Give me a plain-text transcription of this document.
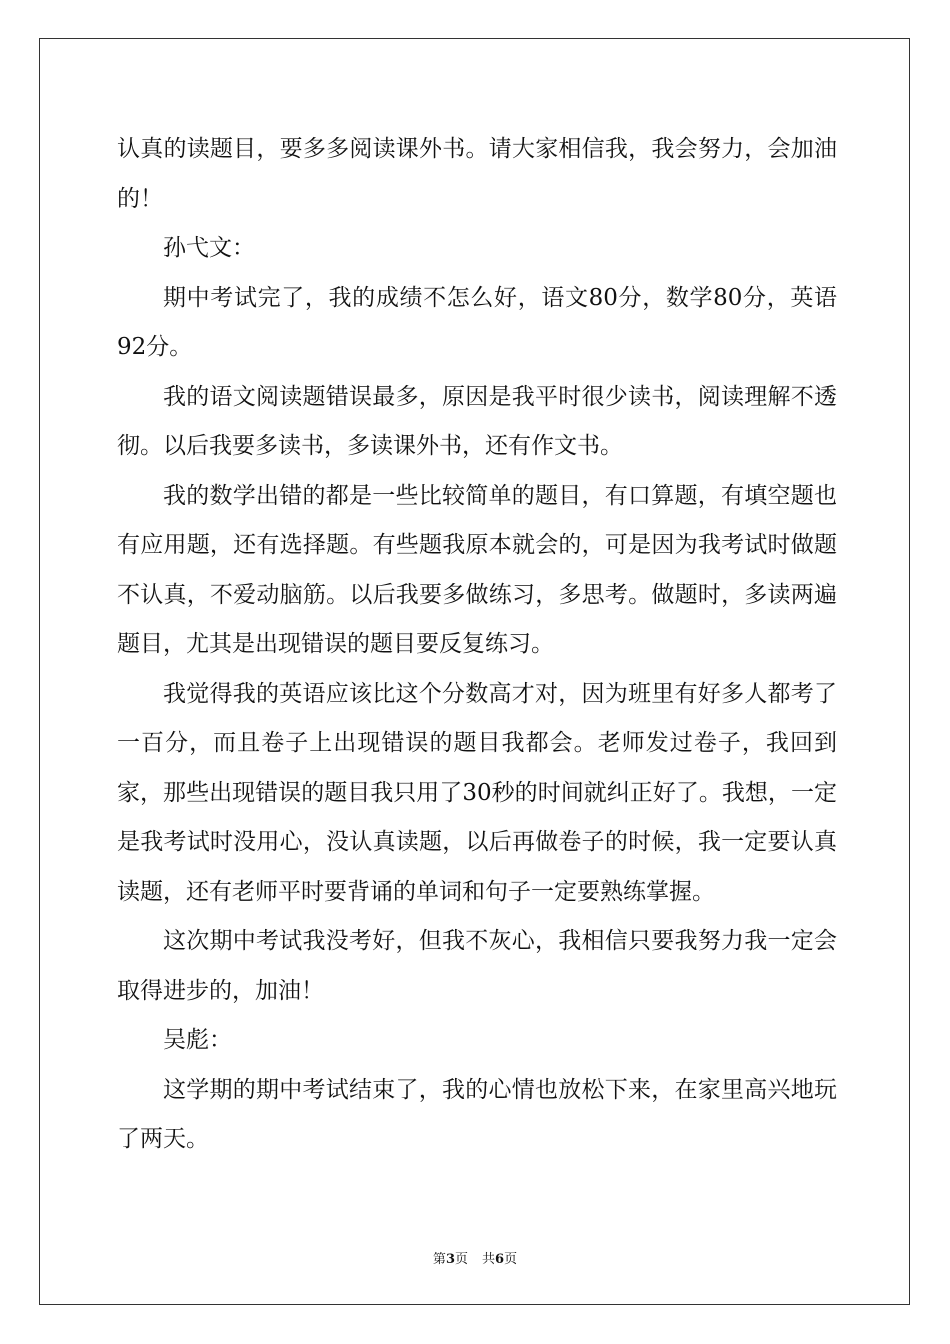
认真的读题目，要多多阅读课外书。请大家相信我，我会努力，会加油的！

孙弋文：

期中考试完了，我的成绩不怎么好，语文80分，数学80分，英语92分。

我的语文阅读题错误最多，原因是我平时很少读书，阅读理解不透彻。以后我要多读书，多读课外书，还有作文书。

我的数学出错的都是一些比较简单的题目，有口算题，有填空题也有应用题，还有选择题。有些题我原本就会的，可是因为我考试时做题不认真，不爱动脑筋。以后我要多做练习，多思考。做题时，多读两遍题目，尤其是出现错误的题目要反复练习。

我觉得我的英语应该比这个分数高才对，因为班里有好多人都考了一百分，而且卷子上出现错误的题目我都会。老师发过卷子，我回到家，那些出现错误的题目我只用了30秒的时间就纠正好了。我想，一定是我考试时没用心，没认真读题，以后再做卷子的时候，我一定要认真读题，还有老师平时要背诵的单词和句子一定要熟练掌握。

这次期中考试我没考好，但我不灰心，我相信只要我努力我一定会取得进步的，加油！

吴彪：

这学期的期中考试结束了，我的心情也放松下来，在家里高兴地玩了两天。

第3页 共6页
